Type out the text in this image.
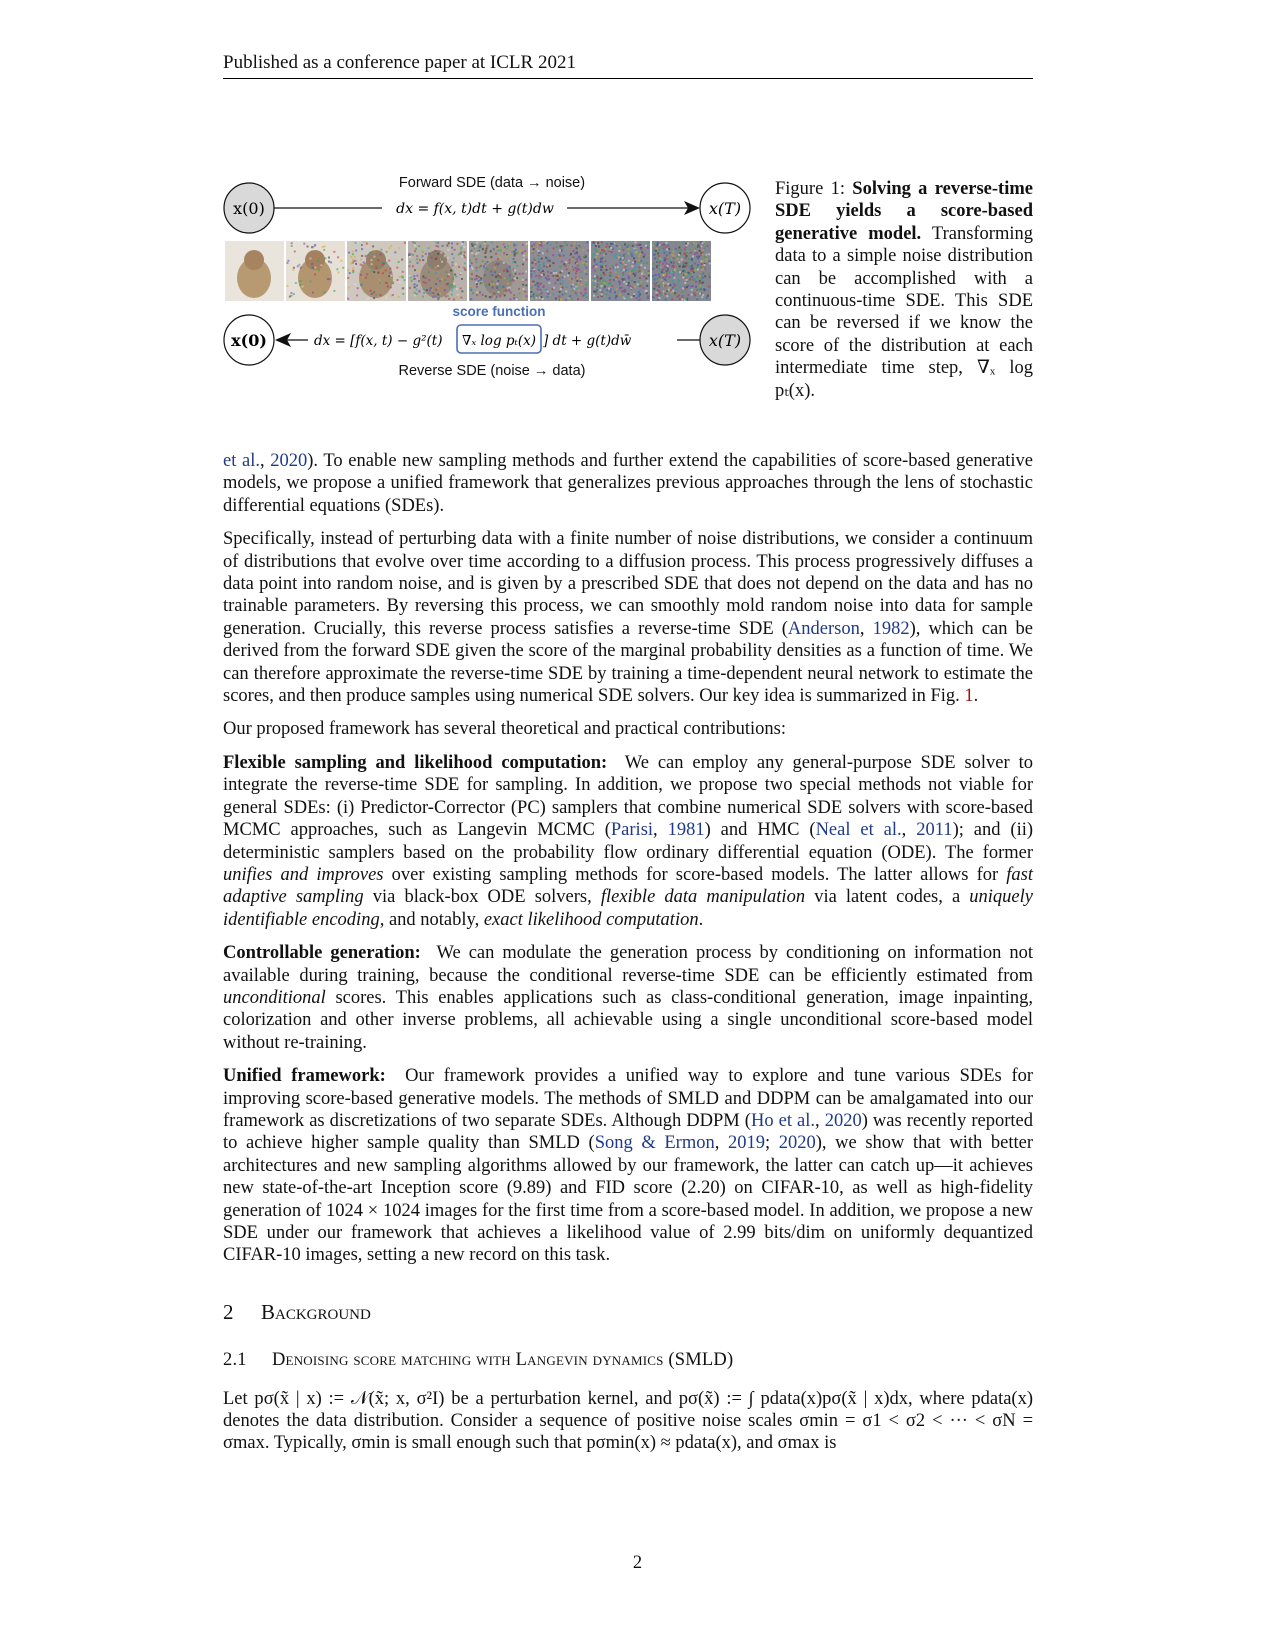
Published as a conference paper at ICLR 2021
Forward SDE (data → noise)
x(0)	x(T)
dx = f(x, t)dt + g(t)dw
score function
x(0)	x(T)
dx = [f(x, t) − g²(t) ∇ₓ log pₜ(x) ] dt + g(t)dw̄
Reverse SDE (noise → data)
Figure 1: Solving a reverse-time SDE yields a score-based generative model. Transforming data to a simple noise distribution can be accomplished with a continuous-time SDE. This SDE can be reversed if we know the score of the distribution at each intermediate time step, ∇ₓ log pₜ(x).

et al., 2020). To enable new sampling methods and further extend the capabilities of score-based generative models, we propose a unified framework that generalizes previous approaches through the lens of stochastic differential equations (SDEs).

Specifically, instead of perturbing data with a finite number of noise distributions, we consider a continuum of distributions that evolve over time according to a diffusion process. This process progressively diffuses a data point into random noise, and is given by a prescribed SDE that does not depend on the data and has no trainable parameters. By reversing this process, we can smoothly mold random noise into data for sample generation. Crucially, this reverse process satisfies a reverse-time SDE (Anderson, 1982), which can be derived from the forward SDE given the score of the marginal probability densities as a function of time. We can therefore approximate the reverse-time SDE by training a time-dependent neural network to estimate the scores, and then produce samples using numerical SDE solvers. Our key idea is summarized in Fig. 1.

Our proposed framework has several theoretical and practical contributions:

Flexible sampling and likelihood computation: We can employ any general-purpose SDE solver to integrate the reverse-time SDE for sampling. In addition, we propose two special methods not viable for general SDEs: (i) Predictor-Corrector (PC) samplers that combine numerical SDE solvers with score-based MCMC approaches, such as Langevin MCMC (Parisi, 1981) and HMC (Neal et al., 2011); and (ii) deterministic samplers based on the probability flow ordinary differential equation (ODE). The former unifies and improves over existing sampling methods for score-based models. The latter allows for fast adaptive sampling via black-box ODE solvers, flexible data manipulation via latent codes, a uniquely identifiable encoding, and notably, exact likelihood computation.

Controllable generation: We can modulate the generation process by conditioning on information not available during training, because the conditional reverse-time SDE can be efficiently estimated from unconditional scores. This enables applications such as class-conditional generation, image inpainting, colorization and other inverse problems, all achievable using a single unconditional score-based model without re-training.

Unified framework: Our framework provides a unified way to explore and tune various SDEs for improving score-based generative models. The methods of SMLD and DDPM can be amalgamated into our framework as discretizations of two separate SDEs. Although DDPM (Ho et al., 2020) was recently reported to achieve higher sample quality than SMLD (Song & Ermon, 2019; 2020), we show that with better architectures and new sampling algorithms allowed by our framework, the latter can catch up—it achieves new state-of-the-art Inception score (9.89) and FID score (2.20) on CIFAR-10, as well as high-fidelity generation of 1024 × 1024 images for the first time from a score-based model. In addition, we propose a new SDE under our framework that achieves a likelihood value of 2.99 bits/dim on uniformly dequantized CIFAR-10 images, setting a new record on this task.

2 Background
2.1 Denoising score matching with Langevin dynamics (SMLD)

Let pσ(x̃ | x) := 𝒩(x̃; x, σ²I) be a perturbation kernel, and pσ(x̃) := ∫ pdata(x)pσ(x̃ | x)dx, where pdata(x) denotes the data distribution. Consider a sequence of positive noise scales σmin = σ1 < σ2 < ··· < σN = σmax. Typically, σmin is small enough such that pσmin(x) ≈ pdata(x), and σmax is

2
